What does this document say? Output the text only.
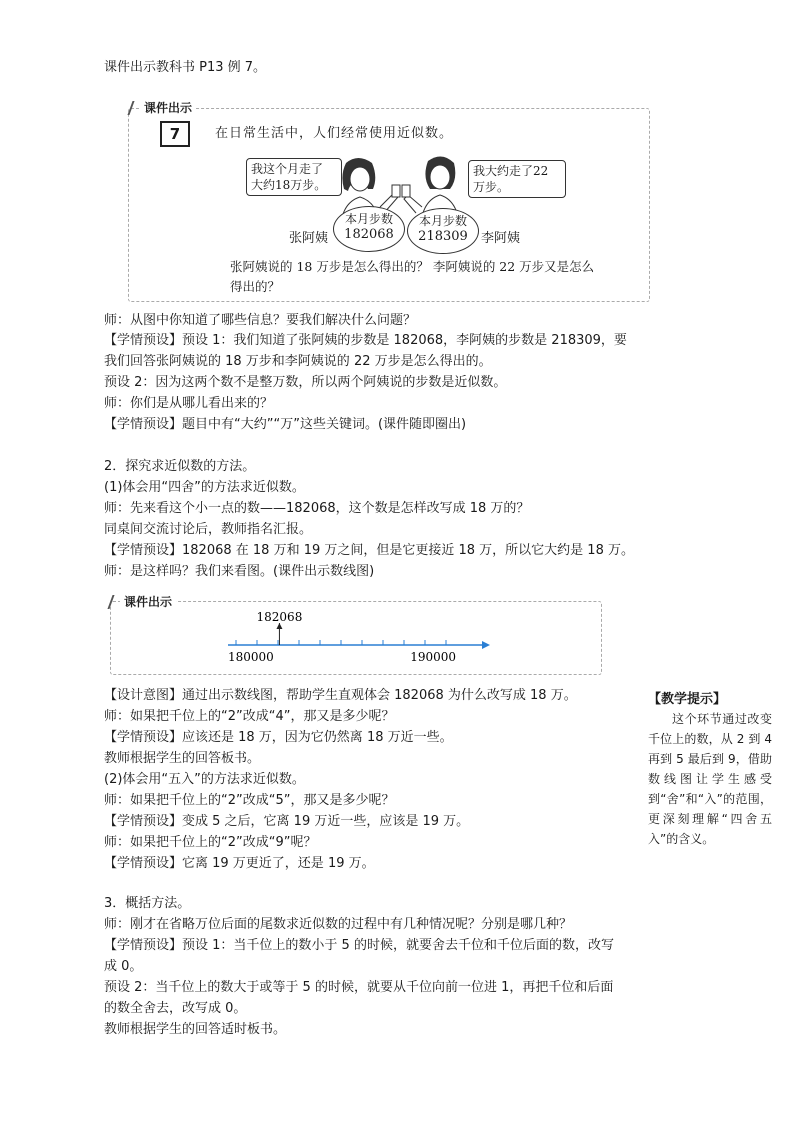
课件出示教科书 P13 例 7。
课件出示
7	在日常生活中，人们经常使用近似数。
我这个月走了
大约18万步。
我大约走了22
万步。
本月步数
182068
本月步数
218309
张阿姨	李阿姨
张阿姨说的 18 万步是怎么得出的？ 李阿姨说的 22 万步又是怎么
得出的？
师：从图中你知道了哪些信息？要我们解决什么问题？
【学情预设】预设 1：我们知道了张阿姨的步数是 182068，李阿姨的步数是 218309，要
我们回答张阿姨说的 18 万步和李阿姨说的 22 万步是怎么得出的。
预设 2：因为这两个数不是整万数，所以两个阿姨说的步数是近似数。
师：你们是从哪儿看出来的？
【学情预设】题目中有“大约”“万”这些关键词。(课件随即圈出)
2．探究求近似数的方法。
(1)体会用“四舍”的方法求近似数。
师：先来看这个小一点的数——182068，这个数是怎样改写成 18 万的？
同桌间交流讨论后，教师指名汇报。
【学情预设】182068 在 18 万和 19 万之间，但是它更接近 18 万，所以它大约是 18 万。
师：是这样吗？我们来看图。(课件出示数线图)
课件出示
182068
180000	190000
【设计意图】通过出示数线图，帮助学生直观体会 182068 为什么改写成 18 万。
师：如果把千位上的“2”改成“4”，那又是多少呢？
【学情预设】应该还是 18 万，因为它仍然离 18 万近一些。
教师根据学生的回答板书。
(2)体会用“五入”的方法求近似数。
师：如果把千位上的“2”改成“5”，那又是多少呢？
【学情预设】变成 5 之后，它离 19 万近一些，应该是 19 万。
师：如果把千位上的“2”改成“9”呢？
【学情预设】它离 19 万更近了，还是 19 万。
【教学提示】
这个环节通过改变千位上的数，从 2 到 4 再到 5 最后到 9，借助数线图让学生感受到“舍”和“入”的范围，更深刻理解“四舍五入”的含义。
3．概括方法。
师：刚才在省略万位后面的尾数求近似数的过程中有几种情况呢？分别是哪几种？
【学情预设】预设 1：当千位上的数小于 5 的时候，就要舍去千位和千位后面的数，改写
成 0。
预设 2：当千位上的数大于或等于 5 的时候，就要从千位向前一位进 1，再把千位和后面
的数全舍去，改写成 0。
教师根据学生的回答适时板书。
